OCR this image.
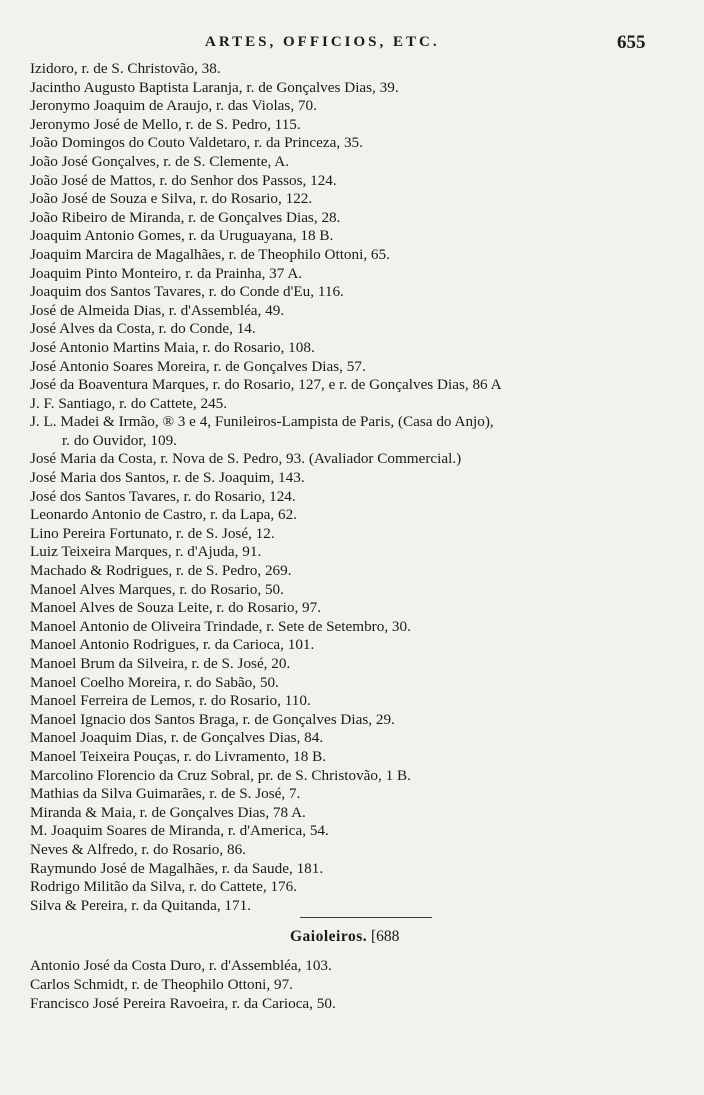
ARTES, OFFICIOS, ETC.	655
Izidoro, r. de S. Christovão, 38.
Jacintho Augusto Baptista Laranja, r. de Gonçalves Dias, 39.
Jeronymo Joaquim de Araujo, r. das Violas, 70.
Jeronymo José de Mello, r. de S. Pedro, 115.
João Domingos do Couto Valdetaro, r. da Princeza, 35.
João José Gonçalves, r. de S. Clemente, A.
João José de Mattos, r. do Senhor dos Passos, 124.
João José de Souza e Silva, r. do Rosario, 122.
João Ribeiro de Miranda, r. de Gonçalves Dias, 28.
Joaquim Antonio Gomes, r. da Uruguayana, 18 B.
Joaquim Marcira de Magalhães, r. de Theophilo Ottoni, 65.
Joaquim Pinto Monteiro, r. da Prainha, 37 A.
Joaquim dos Santos Tavares, r. do Conde d'Eu, 116.
José de Almeida Dias, r. d'Assembléa, 49.
José Alves da Costa, r. do Conde, 14.
José Antonio Martins Maia, r. do Rosario, 108.
José Antonio Soares Moreira, r. de Gonçalves Dias, 57.
José da Boaventura Marques, r. do Rosario, 127, e r. de Gonçalves Dias, 86 A
J. F. Santiago, r. do Cattete, 245.
J. L. Madei & Irmão, ® 3 e 4, Funileiros-Lampista de Paris, (Casa do Anjo),
r. do Ouvidor, 109.
José Maria da Costa, r. Nova de S. Pedro, 93. (Avaliador Commercial.)
José Maria dos Santos, r. de S. Joaquim, 143.
José dos Santos Tavares, r. do Rosario, 124.
Leonardo Antonio de Castro, r. da Lapa, 62.
Lino Pereira Fortunato, r. de S. José, 12.
Luiz Teixeira Marques, r. d'Ajuda, 91.
Machado & Rodrigues, r. de S. Pedro, 269.
Manoel Alves Marques, r. do Rosario, 50.
Manoel Alves de Souza Leite, r. do Rosario, 97.
Manoel Antonio de Oliveira Trindade, r. Sete de Setembro, 30.
Manoel Antonio Rodrigues, r. da Carioca, 101.
Manoel Brum da Silveira, r. de S. José, 20.
Manoel Coelho Moreira, r. do Sabão, 50.
Manoel Ferreira de Lemos, r. do Rosario, 110.
Manoel Ignacio dos Santos Braga, r. de Gonçalves Dias, 29.
Manoel Joaquim Dias, r. de Gonçalves Dias, 84.
Manoel Teixeira Pouças, r. do Livramento, 18 B.
Marcolino Florencio da Cruz Sobral, pr. de S. Christovão, 1 B.
Mathias da Silva Guimarães, r. de S. José, 7.
Miranda & Maia, r. de Gonçalves Dias, 78 A.
M. Joaquim Soares de Miranda, r. d'America, 54.
Neves & Alfredo, r. do Rosario, 86.
Raymundo José de Magalhães, r. da Saude, 181.
Rodrigo Militão da Silva, r. do Cattete, 176.
Silva & Pereira, r. da Quitanda, 171.
Gaioleiros. [688
Antonio José da Costa Duro, r. d'Assembléa, 103.
Carlos Schmidt, r. de Theophilo Ottoni, 97.
Francisco José Pereira Ravoeira, r. da Carioca, 50.
